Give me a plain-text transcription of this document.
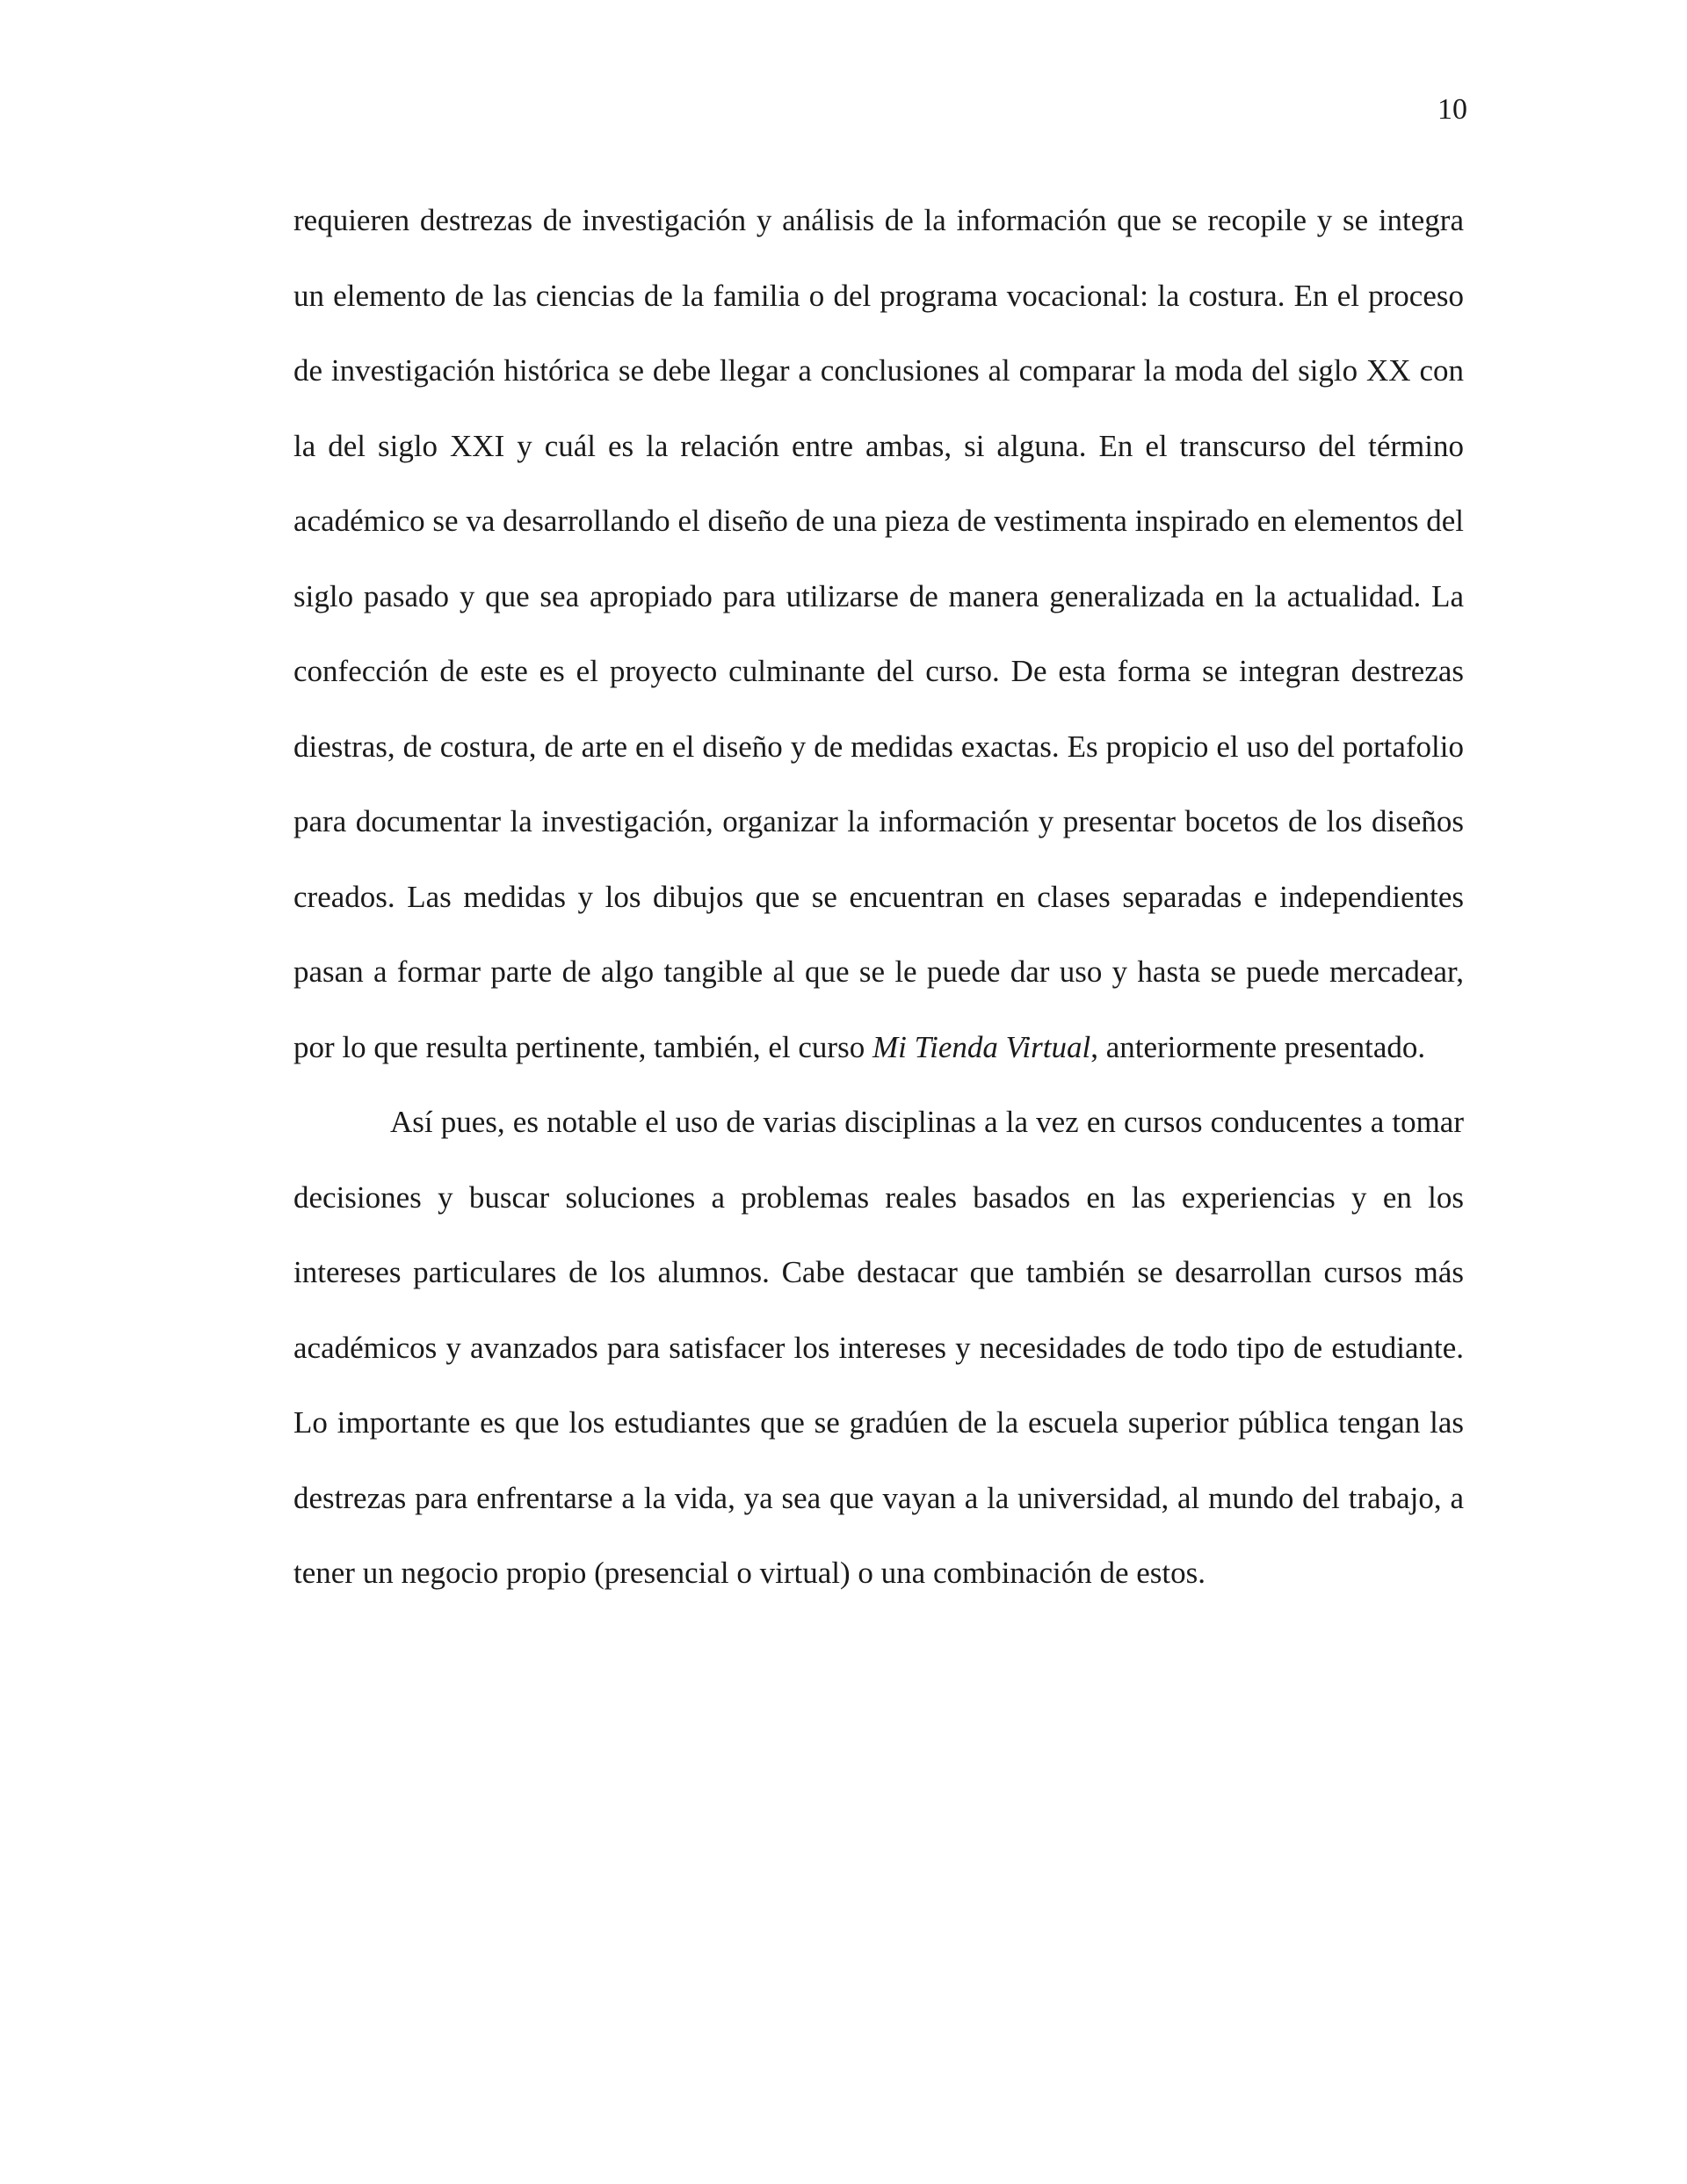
10

requieren destrezas de investigación y análisis de la información que se recopile y se integra un elemento de las ciencias de la familia o del programa vocacional: la costura. En el proceso de investigación histórica se debe llegar a conclusiones al comparar la moda del siglo XX con la del siglo XXI y cuál es la relación entre ambas, si alguna. En el transcurso del término académico se va desarrollando el diseño de una pieza de vestimenta inspirado en elementos del siglo pasado y que sea apropiado para utilizarse de manera generalizada en la actualidad. La confección de este es el proyecto culminante del curso. De esta forma se integran destrezas diestras, de costura, de arte en el diseño y de medidas exactas. Es propicio el uso del portafolio para documentar la investigación, organizar la información y presentar bocetos de los diseños creados. Las medidas y los dibujos que se encuentran en clases separadas e independientes pasan a formar parte de algo tangible al que se le puede dar uso y hasta se puede mercadear, por lo que resulta pertinente, también, el curso Mi Tienda Virtual, anteriormente presentado.

Así pues, es notable el uso de varias disciplinas a la vez en cursos conducentes a tomar decisiones y buscar soluciones a problemas reales basados en las experiencias y en los intereses particulares de los alumnos. Cabe destacar que también se desarrollan cursos más académicos y avanzados para satisfacer los intereses y necesidades de todo tipo de estudiante. Lo importante es que los estudiantes que se gradúen de la escuela superior pública tengan las destrezas para enfrentarse a la vida, ya sea que vayan a la universidad, al mundo del trabajo, a tener un negocio propio (presencial o virtual) o una combinación de estos.
